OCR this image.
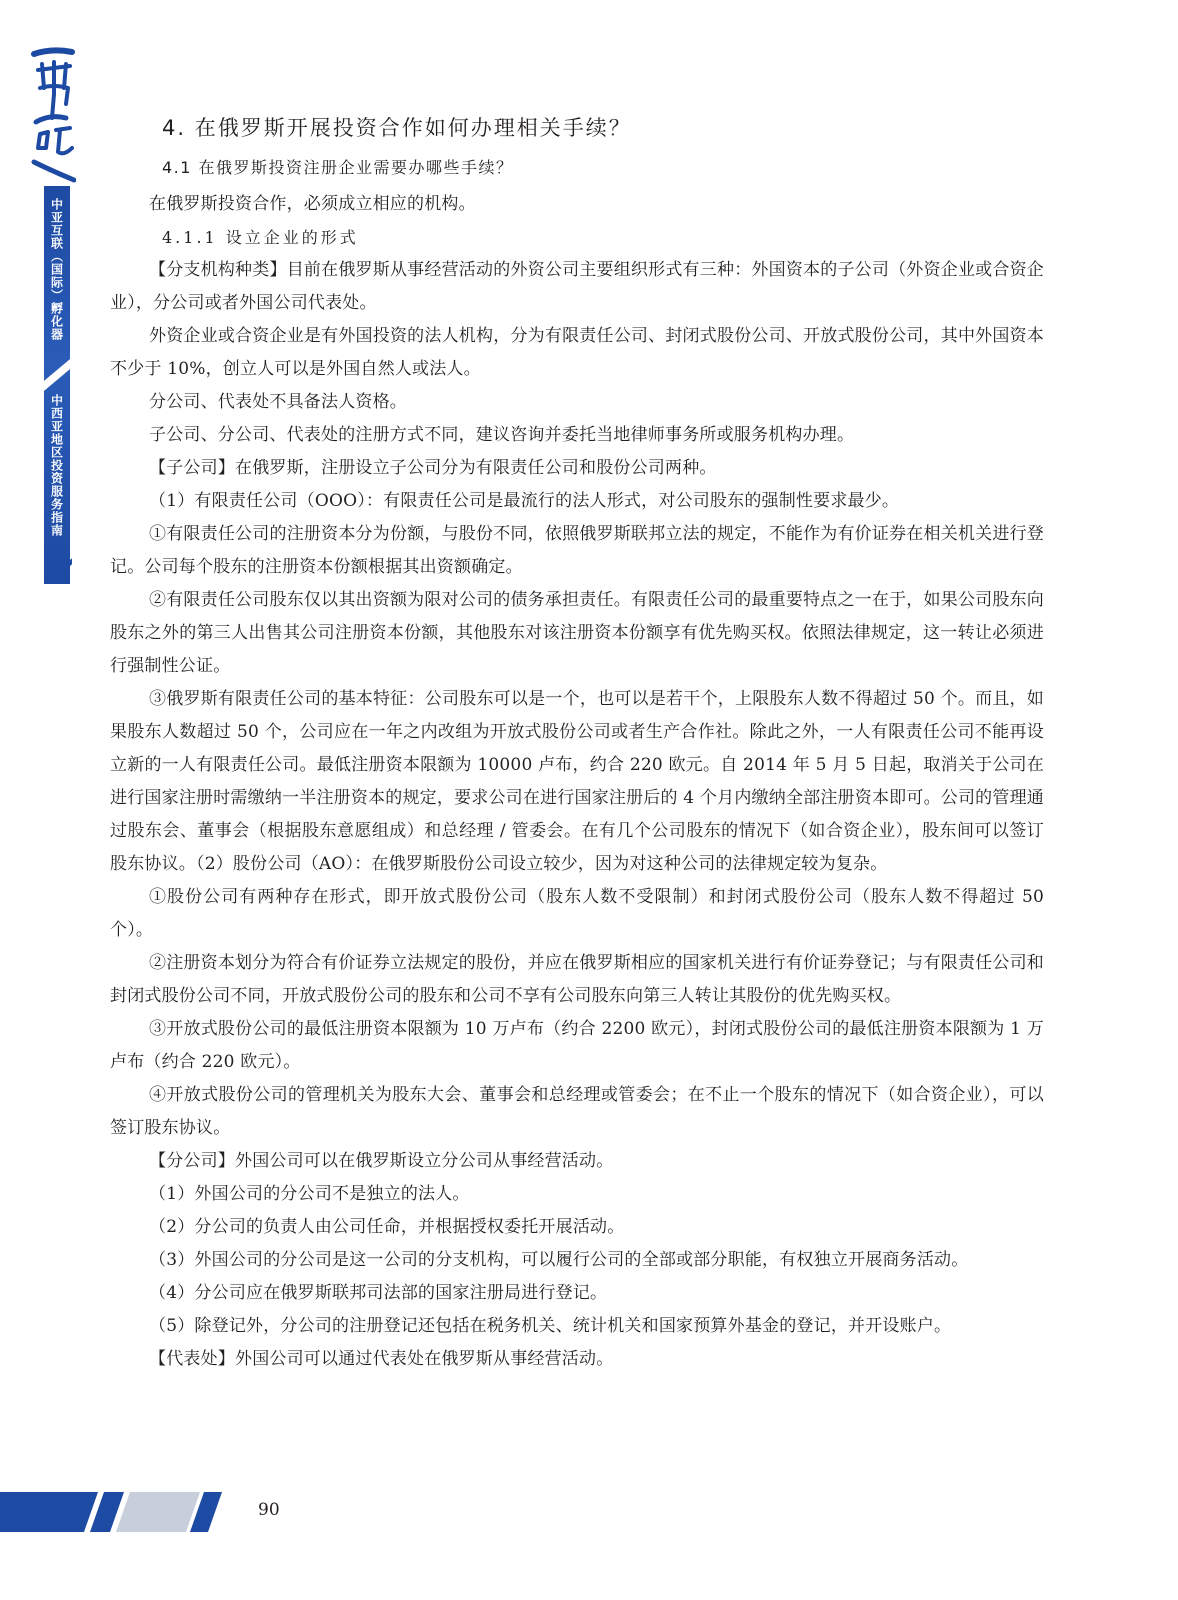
中亚互联（国际）孵化器
中西亚地区投资服务指南
4. 在俄罗斯开展投资合作如何办理相关手续？
4.1 在俄罗斯投资注册企业需要办哪些手续？

在俄罗斯投资合作，必须成立相应的机构。

4.1.1 设立企业的形式

【分支机构种类】目前在俄罗斯从事经营活动的外资公司主要组织形式有三种：外国资本的子公司（外资企业或合资企业），分公司或者外国公司代表处。

外资企业或合资企业是有外国投资的法人机构，分为有限责任公司、封闭式股份公司、开放式股份公司，其中外国资本不少于 10%，创立人可以是外国自然人或法人。

分公司、代表处不具备法人资格。

子公司、分公司、代表处的注册方式不同，建议咨询并委托当地律师事务所或服务机构办理。

【子公司】在俄罗斯，注册设立子公司分为有限责任公司和股份公司两种。

（1）有限责任公司（OOO）：有限责任公司是最流行的法人形式，对公司股东的强制性要求最少。

①有限责任公司的注册资本分为份额，与股份不同，依照俄罗斯联邦立法的规定，不能作为有价证券在相关机关进行登记。公司每个股东的注册资本份额根据其出资额确定。

②有限责任公司股东仅以其出资额为限对公司的债务承担责任。有限责任公司的最重要特点之一在于，如果公司股东向股东之外的第三人出售其公司注册资本份额，其他股东对该注册资本份额享有优先购买权。依照法律规定，这一转让必须进行强制性公证。

③俄罗斯有限责任公司的基本特征：公司股东可以是一个，也可以是若干个，上限股东人数不得超过 50 个。而且，如果股东人数超过 50 个，公司应在一年之内改组为开放式股份公司或者生产合作社。除此之外，一人有限责任公司不能再设立新的一人有限责任公司。最低注册资本限额为 10000 卢布，约合 220 欧元。自 2014 年 5 月 5 日起，取消关于公司在进行国家注册时需缴纳一半注册资本的规定，要求公司在进行国家注册后的 4 个月内缴纳全部注册资本即可。公司的管理通过股东会、董事会（根据股东意愿组成）和总经理 / 管委会。在有几个公司股东的情况下（如合资企业），股东间可以签订股东协议。（2）股份公司（AO）：在俄罗斯股份公司设立较少，因为对这种公司的法律规定较为复杂。

①股份公司有两种存在形式，即开放式股份公司（股东人数不受限制）和封闭式股份公司（股东人数不得超过 50 个）。

②注册资本划分为符合有价证券立法规定的股份，并应在俄罗斯相应的国家机关进行有价证券登记；与有限责任公司和封闭式股份公司不同，开放式股份公司的股东和公司不享有公司股东向第三人转让其股份的优先购买权。

③开放式股份公司的最低注册资本限额为 10 万卢布（约合 2200 欧元），封闭式股份公司的最低注册资本限额为 1 万卢布（约合 220 欧元）。

④开放式股份公司的管理机关为股东大会、董事会和总经理或管委会；在不止一个股东的情况下（如合资企业），可以签订股东协议。

【分公司】外国公司可以在俄罗斯设立分公司从事经营活动。

（1）外国公司的分公司不是独立的法人。

（2）分公司的负责人由公司任命，并根据授权委托开展活动。

（3）外国公司的分公司是这一公司的分支机构，可以履行公司的全部或部分职能，有权独立开展商务活动。

（4）分公司应在俄罗斯联邦司法部的国家注册局进行登记。

（5）除登记外，分公司的注册登记还包括在税务机关、统计机关和国家预算外基金的登记，并开设账户。

【代表处】外国公司可以通过代表处在俄罗斯从事经营活动。

90
